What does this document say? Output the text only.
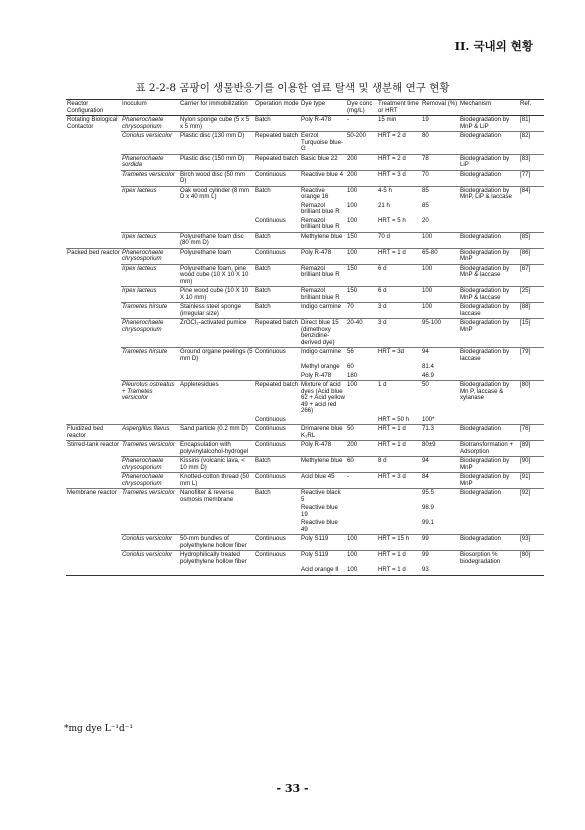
II. 국내외 현황
표 2-2-8 곰팡이 생물반응기를 이용한 염료 탈색 및 생분해 연구 현황
Reactor Configuration	Inoculum	Carrier for immobilization	Operation mode	Dye type	Dye conc (mg/L)	Treatment time or HRT	Removal (%)	Mechanism	Ref.
Rotating Biological Contactor	Phanerochaete chrysosporium	Nylon sponge cube (5 x 5 x 5 mm)	Batch	Poly R-478	-	15 min	19	Biodegradation by MnP & LiP	[81]
	Coriolus versicolor	Plastic disc (130 mm D)	Repeated batch	Eerzol Turquoise blue-G	50-200	HRT = 2 d	80	Biodegradation	[82]
	Phanerochaete sordida	Plastic disc (150 mm D)	Repeated batch	Basic blue 22	200	HRT = 2 d	78	Biodegradation by LiP	[83]
	Trametes versicolor	Birch wood disc (50 mm D)	Continuous	Reactive blue 4	200	HRT = 3 d	70	Biodegradation	[77]
	Irpex lacteus	Oak wood cylinder (8 mm D x 40 mm L)	Batch	Reactive orange 16	100	4-5 h	85	Biodegradation by MnP, LiP & laccase	[84]
				Remazol brilliant blue R	100	21 h	85		
			Continuous	Remazol brilliant blue R	100	HRT = 5 h	20		
	Irpex lacteus	Polyurethane foam disc (80 mm D)	Batch	Methylene blue	150	70 d	100	Biodegradation	[85]
Packed bed reactor	Phanerochaete chrysosporium	Polyurethane foam	Continuous	Poly R-478	100	HRT = 1 d	65-80	Biodegradation by MnP	[86]
	Irpex lacteus	Polyurethane foam, pine wood cube (10 X 10 X 10 mm)	Batch	Remazol brilliant blue R	150	6 d	100	Biodegradation by MnP & laccase	[87]
	Irpex lacteus	Pine wood cube (10 X 10 X 10 mm)	Batch	Remazol brilliant blue R	150	6 d	100	Biodegradation by MnP & laccase	[25]
	Trametes hirsute	Stainless steel sponge (irregular size)	Batch	Indigo carmine	70	3 d	100	Biodegradation by laccase	[88]
	Phanerochaete chrysosporium	ZrOCl₂-activated pumice	Repeated batch	Direct blue 15 (dimethoxy benzidine-derived dye)	20-40	3 d	95-100	Biodegradation by MnP	[15]
	Trametes hirsute	Ground organe peelings (5 mm D)	Continuous	Indigo carmine	56	HRT = 3d	94	Biodegradation by laccase	[79]
				Methyl orange	60		81.4		
				Poly R-478	180		46.9		
	Pleurotus ostreatus + Trametes versicolor	Appleresidues	Repeated batch	Mixture of acid dyes (Acid blue 62 + Acid yellow 49 + acid red 266)	100	1 d	50	Biodegradation by Mn P, laccase & xylanase	[80]
			Continuous			HRT = 50 h	100*		
Fluidized bed reactor	Aspergillus flavus	Sand particle (0.2 mm D)	Continuous	Drimarene blue K₂RL	50	HRT = 1 d	71.3	Biodegradation	[76]
Stirred-tank reactor	Trametes versicolor	Encapsulation with polyvinylalcohol-hydrogel	Continuous	Poly R-478	200	HRT = 1 d	80±9	Biotransformation + Adsorption	[89]
	Phanerochaete chrysosporium	Kissiris (volcanic lava, < 10 mm D)	Batch	Methylene blue	60	8 d	94	Biodegradation by MnP	[90]
	Phanerochaete chrysosporium	Knotted-cotton thread (50 mm L)	Continuous	Acid blue 45	-	HRT = 3 d	84	Biodegradation by MnP	[91]
Membrane reactor	Trametes versicolor	Nanofilter & reverse osmosis membrane	Batch	Reactive black 5			95.5	Biodegradation	[92]
				Reactive blue 19			98.9		
				Reactive blue 49			99.1		
	Coriolus versicolor	50-mm bundles of polyethylene hollow fiber	Continuous	Poly S119	100	HRT = 15 h	99	Biodegradation	[93]
	Coriolus versicolor	Hydrophilically treated polyethylene hollow fiber	Continuous	Poly S119	100	HRT = 1 d	99	Biosorption % biodegradation	[80]
				Acid orange II	100	HRT = 1 d	93		
*mg dye L⁻¹d⁻¹
- 33 -
